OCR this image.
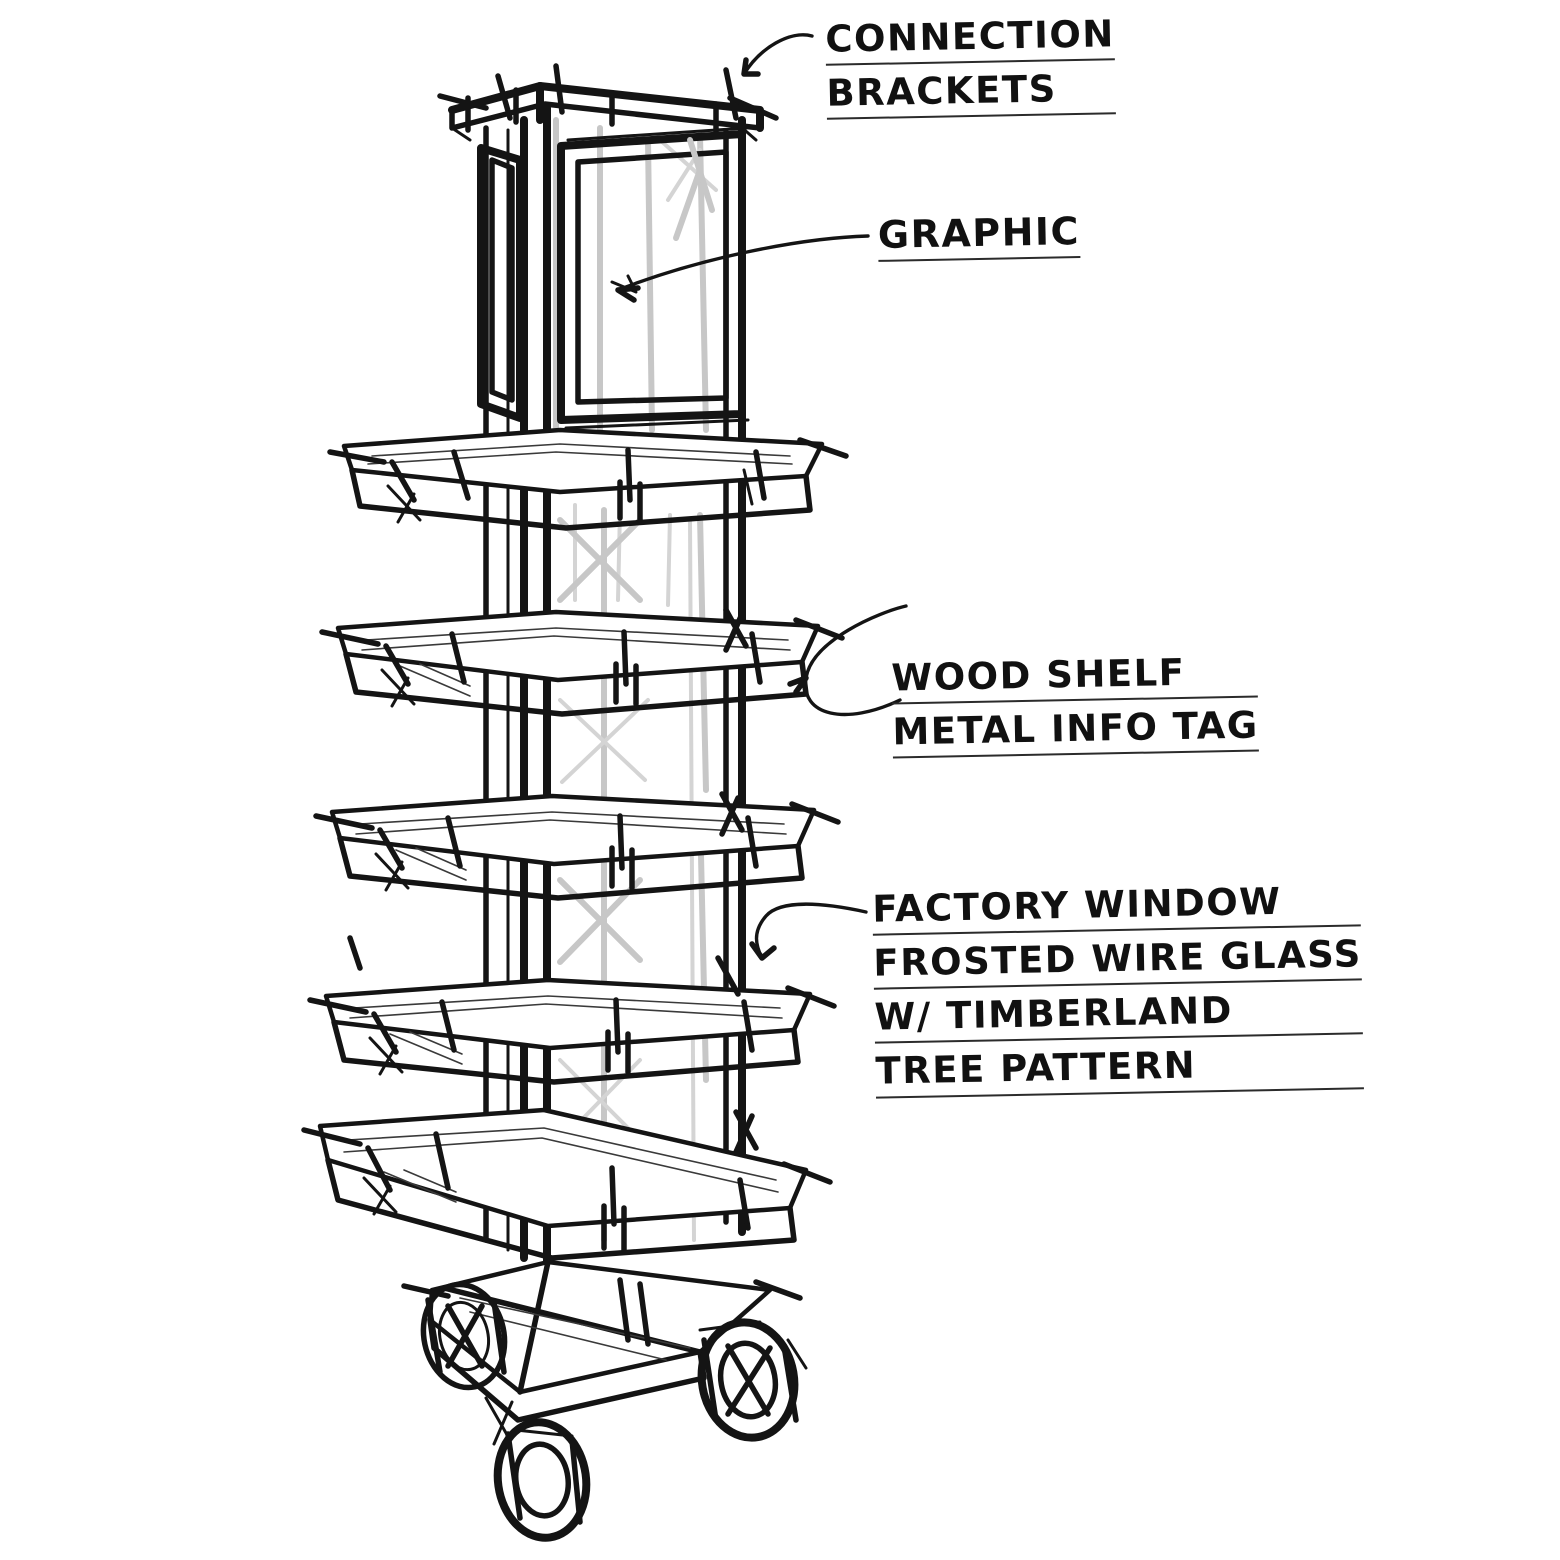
CONNECTION
BRACKETS
GRAPHIC
WOOD SHELF
METAL INFO TAG
FACTORY WINDOW
FROSTED WIRE GLASS
W/ TIMBERLAND
TREE PATTERN
